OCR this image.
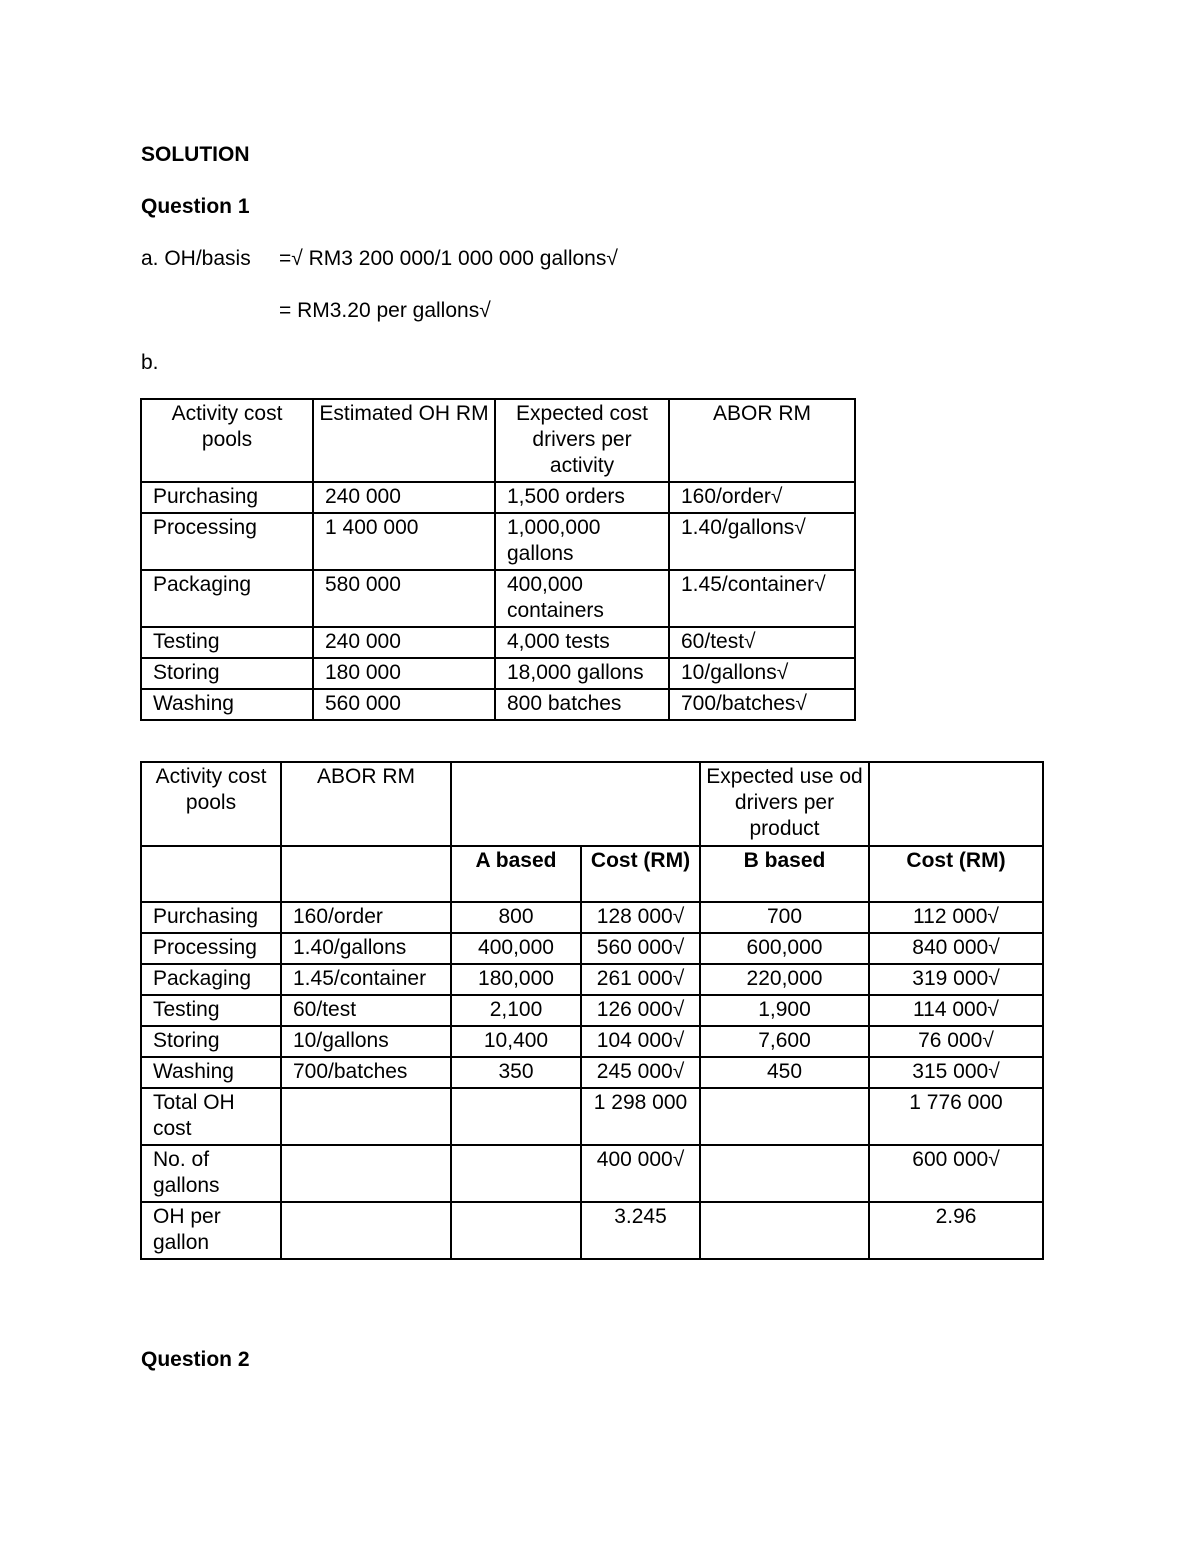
SOLUTION
Question 1
a. OH/basis =√ RM3 200 000/1 000 000 gallons√
= RM3.20 per gallons√
b.
Activity cost pools	Estimated OH RM	Expected cost drivers per activity	ABOR RM
Purchasing	240 000	1,500 orders	160/order√
Processing	1 400 000	1,000,000 gallons	1.40/gallons√
Packaging	580 000	400,000 containers	1.45/container√
Testing	240 000	4,000 tests	60/test√
Storing	180 000	18,000 gallons	10/gallons√
Washing	560 000	800 batches	700/batches√
Activity cost pools	ABOR RM			Expected use od drivers per product	
		A based	Cost (RM)	B based	Cost (RM)
Purchasing	160/order	800	128 000√	700	112 000√
Processing	1.40/gallons	400,000	560 000√	600,000	840 000√
Packaging	1.45/container	180,000	261 000√	220,000	319 000√
Testing	60/test	2,100	126 000√	1,900	114 000√
Storing	10/gallons	10,400	104 000√	7,600	76 000√
Washing	700/batches	350	245 000√	450	315 000√
Total OH cost			1 298 000		1 776 000
No. of gallons			400 000√		600 000√
OH per gallon			3.245		2.96
Question 2
